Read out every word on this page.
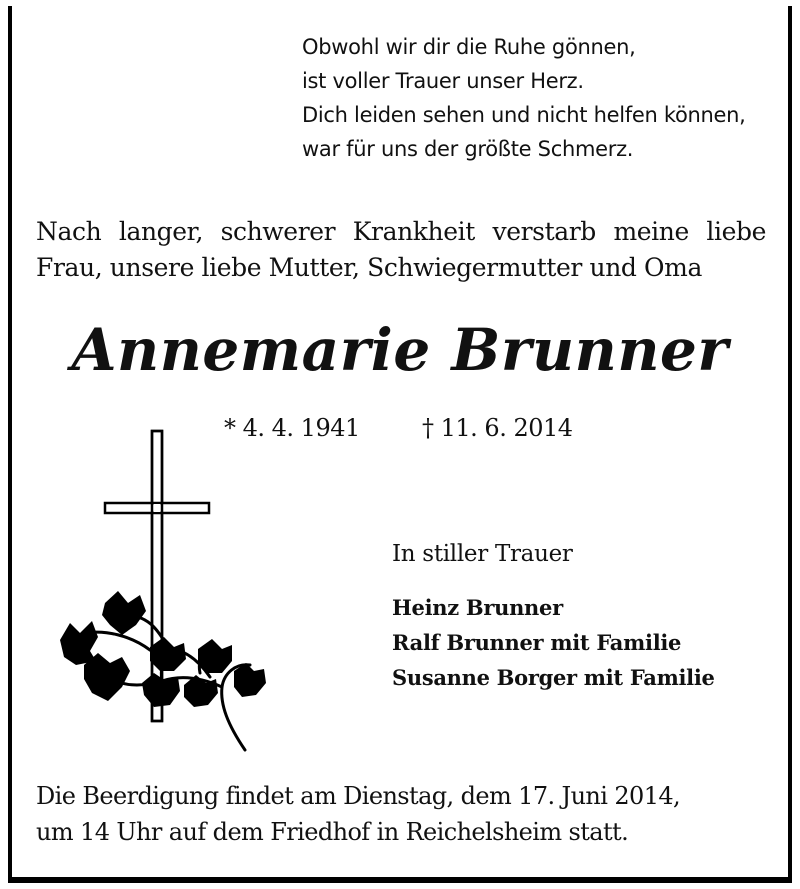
Obwohl wir dir die Ruhe gönnen,
ist voller Trauer unser Herz.
Dich leiden sehen und nicht helfen können,
war für uns der größte Schmerz.
Nach langer, schwerer Krankheit verstarb meine liebe
Frau, unsere liebe Mutter, Schwiegermutter und Oma
Annemarie Brunner
* 4. 4. 1941	† 11. 6. 2014
In stiller Trauer
Heinz Brunner
Ralf Brunner mit Familie
Susanne Borger mit Familie
Die Beerdigung findet am Dienstag, dem 17. Juni 2014,
um 14 Uhr auf dem Friedhof in Reichelsheim statt.
